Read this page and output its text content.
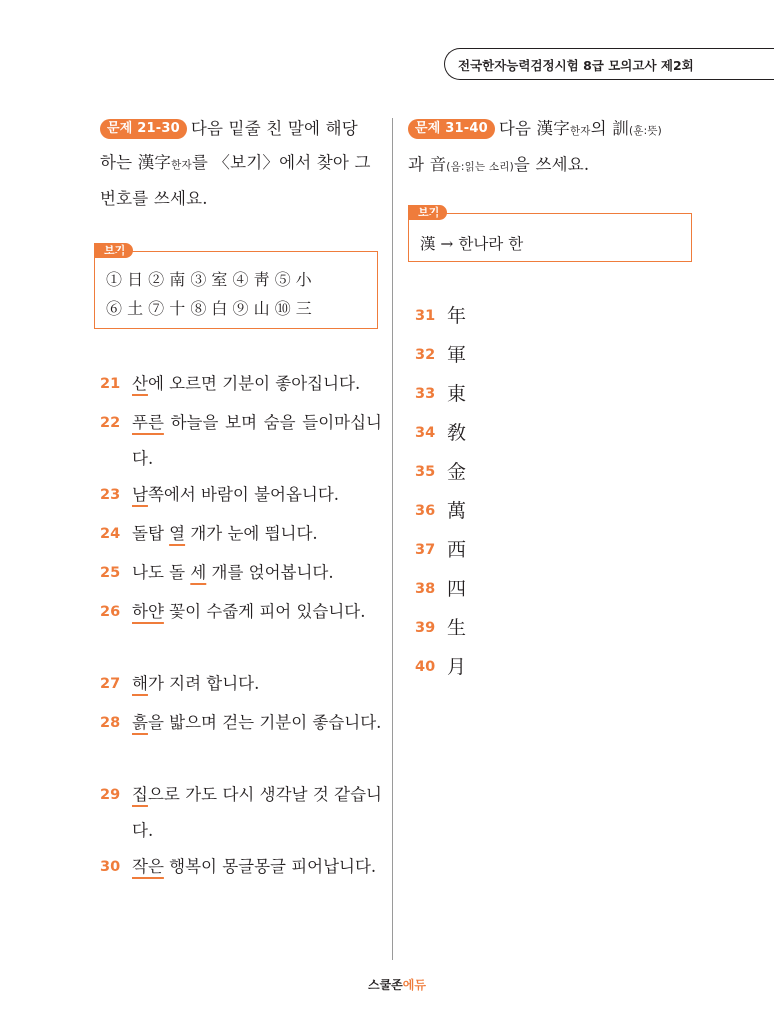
전국한자능력검정시험 8급 모의고사 제2회
문제 21-30 다음 밑줄 친 말에 해당
하는 漢字한자를 〈보기〉에서 찾아 그
번호를 쓰세요.
보기
① 日 ② 南 ③ 室 ④ 靑 ⑤ 小
⑥ 土 ⑦ 十 ⑧ 白 ⑨ 山 ⑩ 三
21 산에 오르면 기분이 좋아집니다.
22 푸른 하늘을 보며 숨을 들이마십니다.
23 남쪽에서 바람이 불어옵니다.
24 돌탑 열 개가 눈에 띕니다.
25 나도 돌 세 개를 얹어봅니다.
26 하얀 꽃이 수줍게 피어 있습니다.
27 해가 지려 합니다.
28 흙을 밟으며 걷는 기분이 좋습니다.
29 집으로 가도 다시 생각날 것 같습니다.
30 작은 행복이 몽글몽글 피어납니다.
문제 31-40 다음 漢字한자의 訓(훈:뜻)
과 音(음:읽는 소리)을 쓰세요.
보기
漢 → 한나라 한
31 年
32 軍
33 東
34 敎
35 金
36 萬
37 西
38 四
39 生
40 月
스쿨존에듀
